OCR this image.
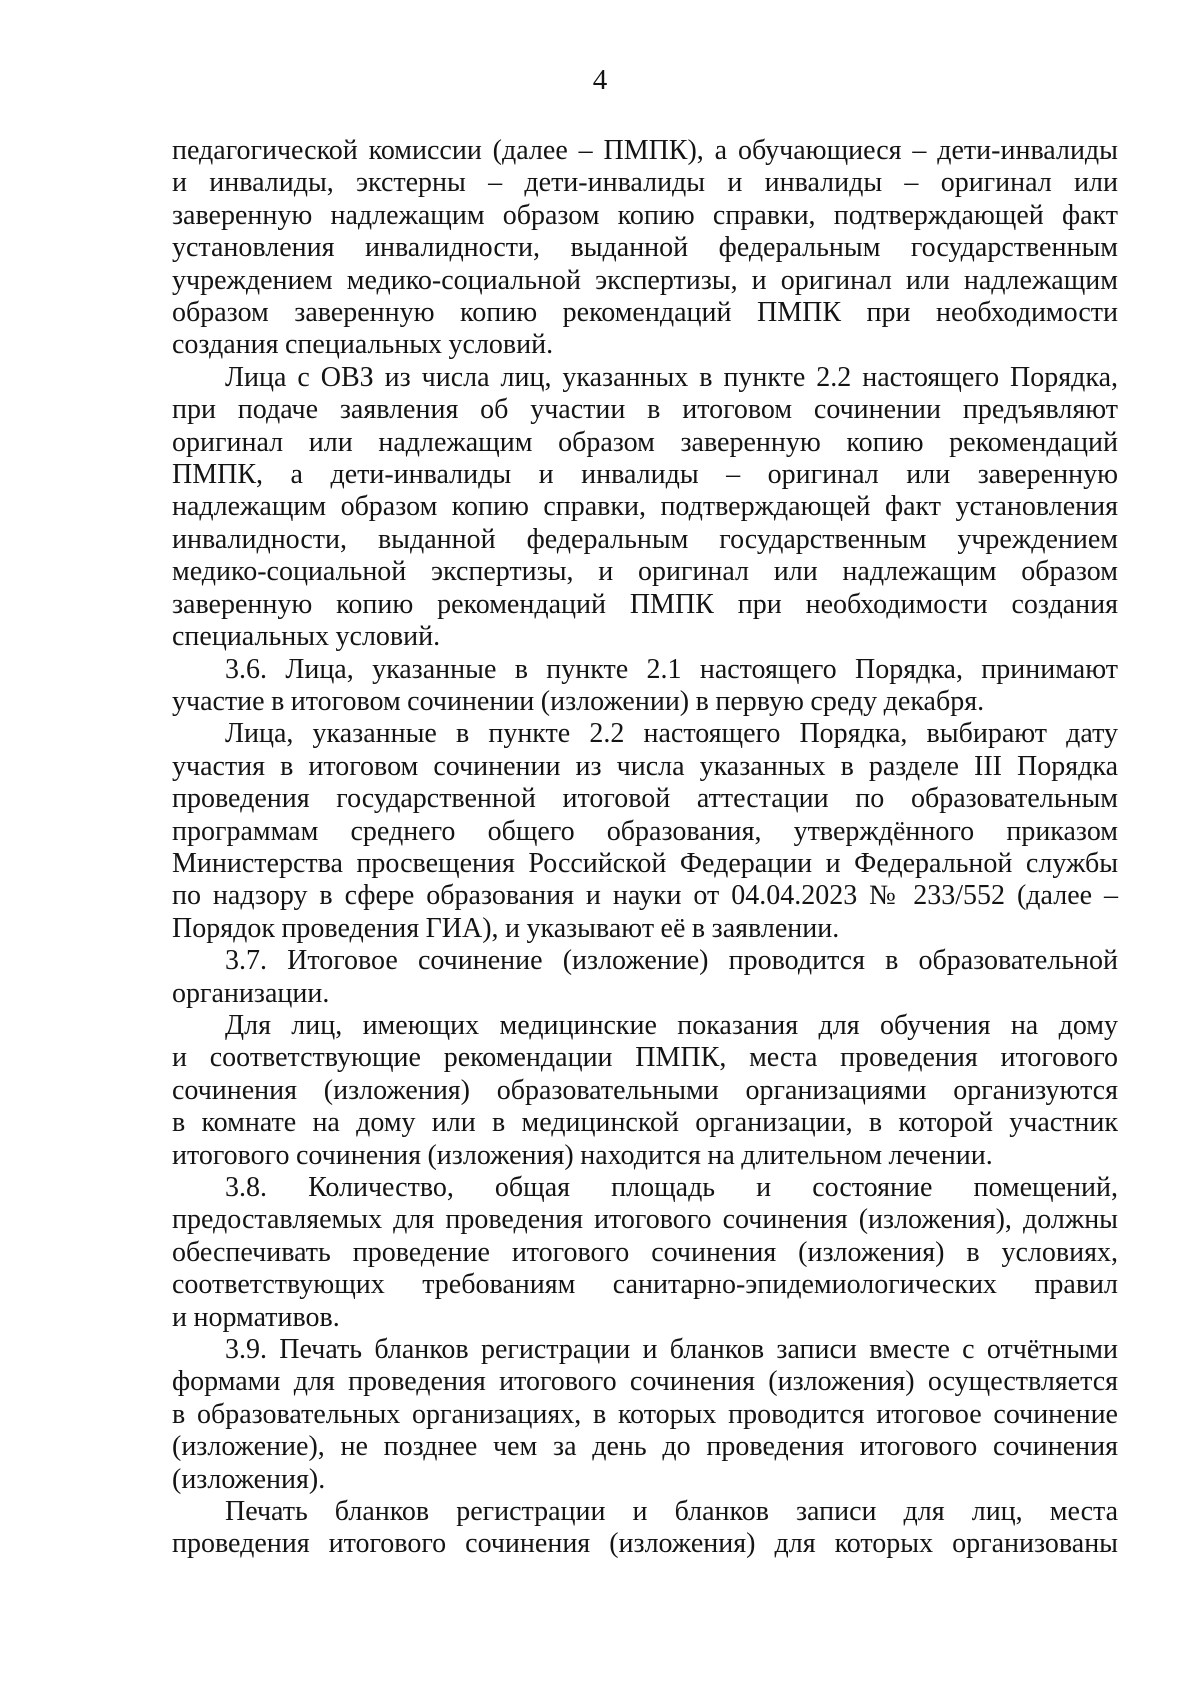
4

педагогической комиссии (далее – ПМПК), а обучающиеся – дети-инвалиды
и инвалиды, экстерны – дети-инвалиды и инвалиды – оригинал или
заверенную надлежащим образом копию справки, подтверждающей факт
установления инвалидности, выданной федеральным государственным
учреждением медико-социальной экспертизы, и оригинал или надлежащим
образом заверенную копию рекомендаций ПМПК при необходимости
создания специальных условий.

Лица с ОВЗ из числа лиц, указанных в пункте 2.2 настоящего Порядка,
при подаче заявления об участии в итоговом сочинении предъявляют
оригинал или надлежащим образом заверенную копию рекомендаций
ПМПК, а дети-инвалиды и инвалиды – оригинал или заверенную
надлежащим образом копию справки, подтверждающей факт установления
инвалидности, выданной федеральным государственным учреждением
медико-социальной экспертизы, и оригинал или надлежащим образом
заверенную копию рекомендаций ПМПК при необходимости создания
специальных условий.

3.6. Лица, указанные в пункте 2.1 настоящего Порядка, принимают
участие в итоговом сочинении (изложении) в первую среду декабря.

Лица, указанные в пункте 2.2 настоящего Порядка, выбирают дату
участия в итоговом сочинении из числа указанных в разделе III Порядка
проведения государственной итоговой аттестации по образовательным
программам среднего общего образования, утверждённого приказом
Министерства просвещения Российской Федерации и Федеральной службы
по надзору в сфере образования и науки от 04.04.2023 № 233/552 (далее –
Порядок проведения ГИА), и указывают её в заявлении.

3.7. Итоговое сочинение (изложение) проводится в образовательной
организации.

Для лиц, имеющих медицинские показания для обучения на дому
и соответствующие рекомендации ПМПК, места проведения итогового
сочинения (изложения) образовательными организациями организуются
в комнате на дому или в медицинской организации, в которой участник
итогового сочинения (изложения) находится на длительном лечении.

3.8. Количество, общая площадь и состояние помещений,
предоставляемых для проведения итогового сочинения (изложения), должны
обеспечивать проведение итогового сочинения (изложения) в условиях,
соответствующих требованиям санитарно-эпидемиологических правил
и нормативов.

3.9. Печать бланков регистрации и бланков записи вместе с отчётными
формами для проведения итогового сочинения (изложения) осуществляется
в образовательных организациях, в которых проводится итоговое сочинение
(изложение), не позднее чем за день до проведения итогового сочинения
(изложения).

Печать бланков регистрации и бланков записи для лиц, места
проведения итогового сочинения (изложения) для которых организованы
